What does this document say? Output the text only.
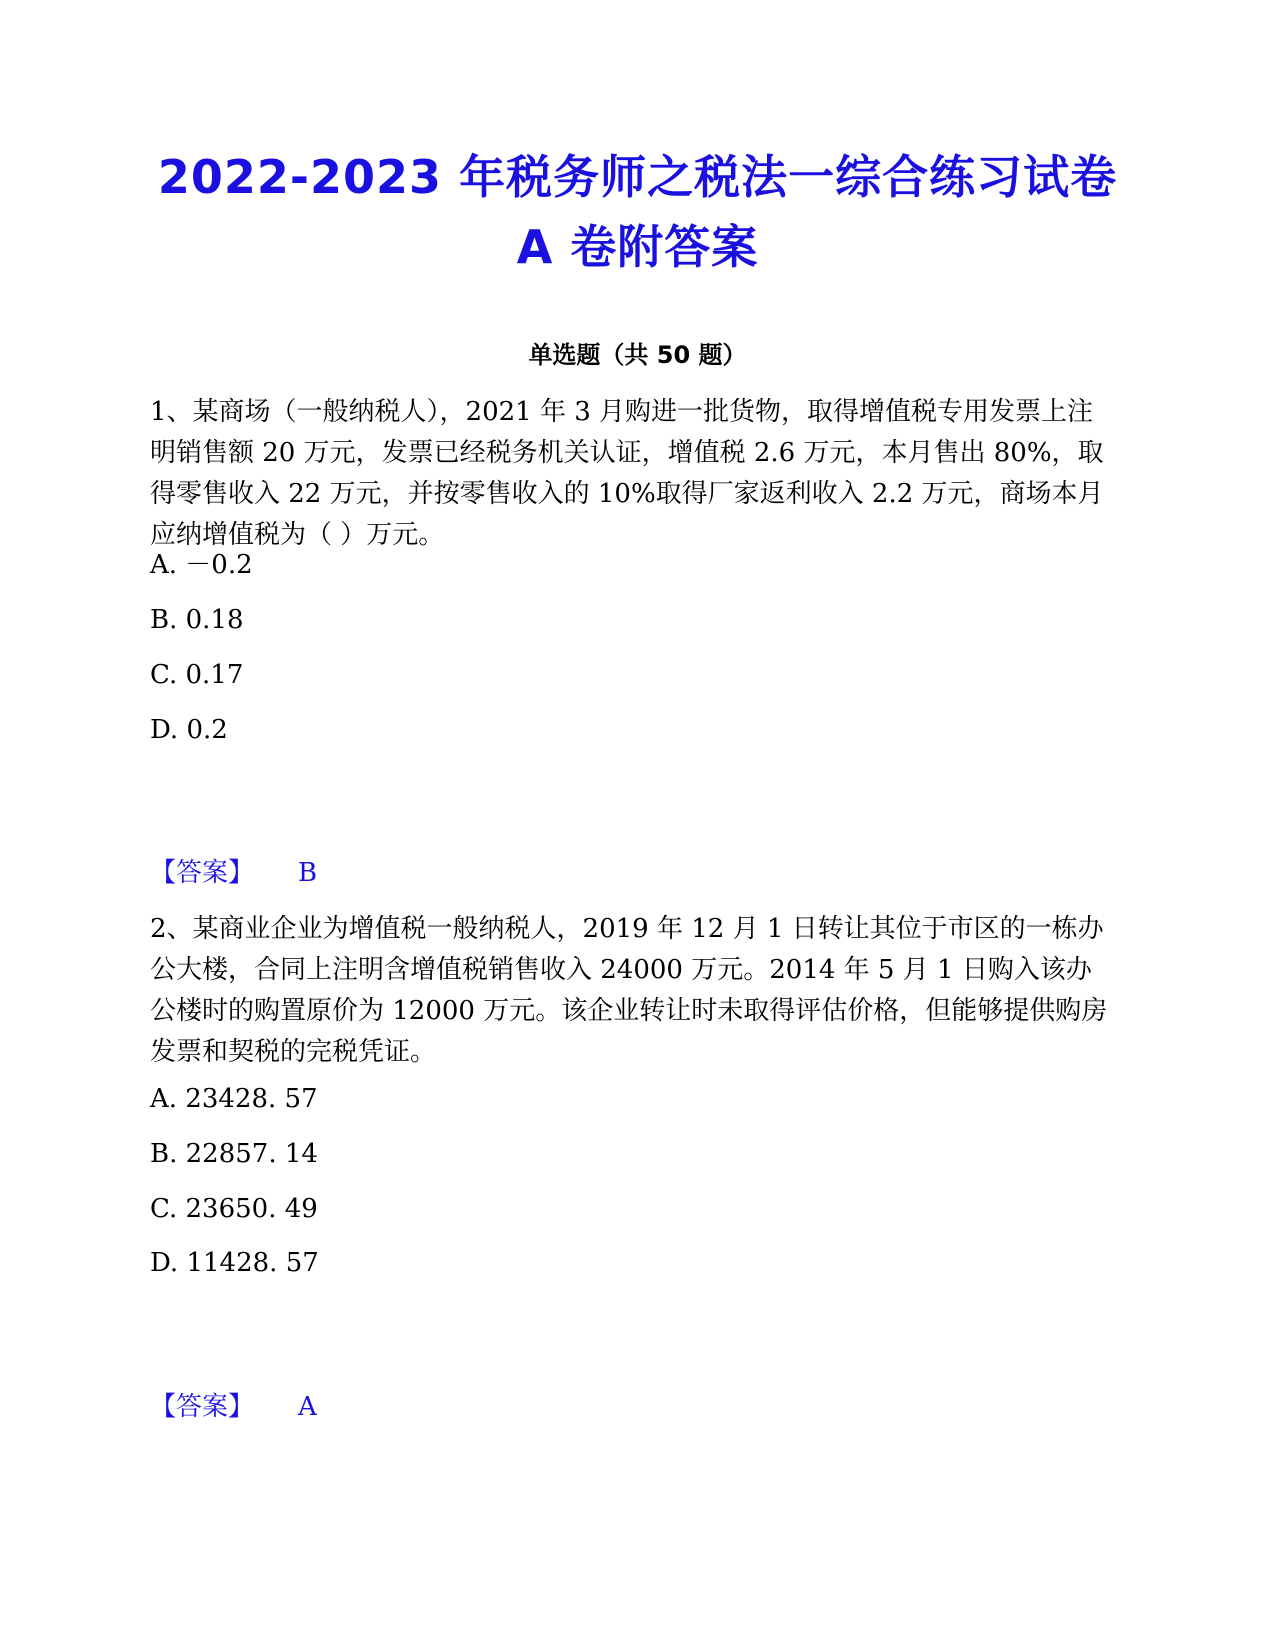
2022-2023 年税务师之税法一综合练习试卷
A 卷附答案
单选题（共 50 题）

1、某商场（一般纳税人），2021 年 3 月购进一批货物，取得增值税专用发票上注明销售额 20 万元，发票已经税务机关认证，增值税 2.6 万元，本月售出 80%，取得零售收入 22 万元，并按零售收入的 10%取得厂家返利收入 2.2 万元，商场本月应纳增值税为（ ）万元。

A. －0.2

B. 0.18

C. 0.17

D. 0.2

【答案】 B

2、某商业企业为增值税一般纳税人，2019 年 12 月 1 日转让其位于市区的一栋办公大楼，合同上注明含增值税销售收入 24000 万元。2014 年 5 月 1 日购入该办公楼时的购置原价为 12000 万元。该企业转让时未取得评估价格，但能够提供购房发票和契税的完税凭证。

A. 23428. 57

B. 22857. 14

C. 23650. 49

D. 11428. 57

【答案】 A
